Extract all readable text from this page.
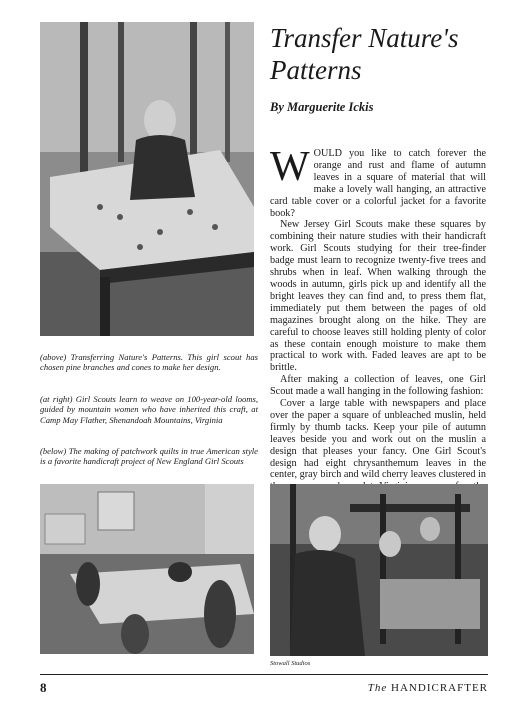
(above) Transferring Nature's Patterns. This girl scout has chosen pine branches and cones to make her design.
(at right) Girl Scouts learn to weave on 100-year-old looms, guided by mountain women who have inherited this craft, at Camp May Flather, Shenandoah Mountains, Virginia
(below) The making of patchwork quilts in true American style is a favorite handicraft project of New England Girl Scouts
Transfer Nature's Patterns
By Marguerite Ickis

WOULD you like to catch forever the orange and rust and flame of autumn leaves in a square of material that will make a lovely wall hanging, an attractive card table cover or a colorful jacket for a favorite book?

New Jersey Girl Scouts make these squares by combining their nature studies with their handicraft work. Girl Scouts studying for their tree-finder badge must learn to recognize twenty-five trees and shrubs when in leaf. When walking through the woods in autumn, girls pick up and identify all the bright leaves they can find and, to press them flat, immediately put them between the pages of old magazines brought along on the hike. They are careful to choose leaves still holding plenty of color as these contain enough moisture to make them practical to work with. Faded leaves are apt to be brittle.

After making a collection of leaves, one Girl Scout made a wall hanging in the following fashion:

Cover a large table with newspapers and place over the paper a square of unbleached muslin, held firmly by thumb tacks. Keep your pile of autumn leaves beside you and work out on the muslin a design that pleases your fancy. One Girl Scout's design had eight chrysanthemum leaves in the center, gray birch and wild cherry leaves clustered in

Stowall Studios
8	The HANDICRAFTER
